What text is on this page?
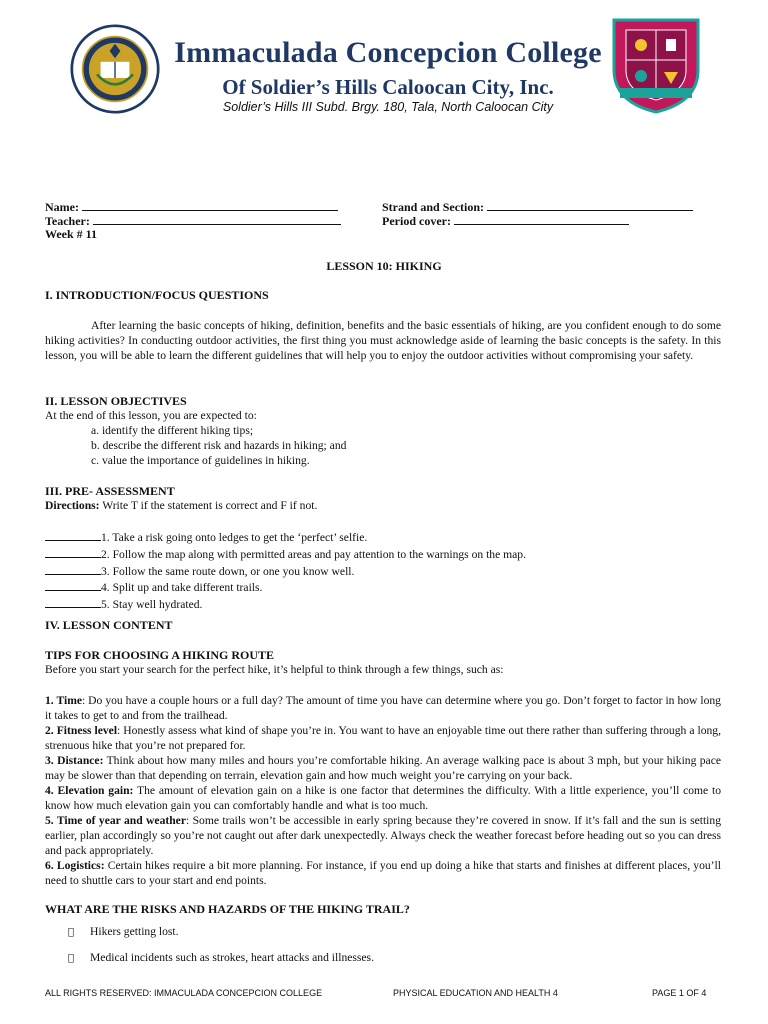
Immaculada Concepcion College
Of Soldier’s Hills Caloocan City, Inc.
Soldier’s Hills III Subd. Brgy. 180, Tala, North Caloocan City
Name:
Teacher:
Week # 11
Strand and Section:
Period cover:
LESSON 10: HIKING
I. INTRODUCTION/FOCUS QUESTIONS
After learning the basic concepts of hiking, definition, benefits and the basic essentials of hiking, are you confident enough to do some hiking activities? In conducting outdoor activities, the first thing you must acknowledge aside of learning the basic concepts is the safety. In this lesson, you will be able to learn the different guidelines that will help you to enjoy the outdoor activities without compromising your safety.
II. LESSON OBJECTIVES
At the end of this lesson, you are expected to:
a. identify the different hiking tips;
b. describe the different risk and hazards in hiking; and
c. value the importance of guidelines in hiking.
III. PRE- ASSESSMENT
Directions: Write T if the statement is correct and F if not.
1. Take a risk going onto ledges to get the ‘perfect’ selfie.
2. Follow the map along with permitted areas and pay attention to the warnings on the map.
3. Follow the same route down, or one you know well.
4. Split up and take different trails.
5. Stay well hydrated.
IV. LESSON CONTENT
TIPS FOR CHOOSING A HIKING ROUTE
Before you start your search for the perfect hike, it’s helpful to think through a few things, such as:
1. Time: Do you have a couple hours or a full day? The amount of time you have can determine where you go. Don’t forget to factor in how long it takes to get to and from the trailhead.
2. Fitness level: Honestly assess what kind of shape you’re in. You want to have an enjoyable time out there rather than suffering through a long, strenuous hike that you’re not prepared for.
3. Distance: Think about how many miles and hours you’re comfortable hiking. An average walking pace is about 3 mph, but your hiking pace may be slower than that depending on terrain, elevation gain and how much weight you’re carrying on your back.
4. Elevation gain: The amount of elevation gain on a hike is one factor that determines the difficulty. With a little experience, you’ll come to know how much elevation gain you can comfortably handle and what is too much.
5. Time of year and weather: Some trails won’t be accessible in early spring because they’re covered in snow. If it’s fall and the sun is setting earlier, plan accordingly so you’re not caught out after dark unexpectedly. Always check the weather forecast before heading out so you can dress and pack appropriately.
6. Logistics: Certain hikes require a bit more planning. For instance, if you end up doing a hike that starts and finishes at different places, you’ll need to shuttle cars to your start and end points.
WHAT ARE THE RISKS AND HAZARDS OF THE HIKING TRAIL?
Hikers getting lost.
Medical incidents such as strokes, heart attacks and illnesses.
ALL RIGHTS RESERVED: IMMACULADA CONCEPCION COLLEGE	PHYSICAL EDUCATION AND HEALTH 4	PAGE 1 OF 4
